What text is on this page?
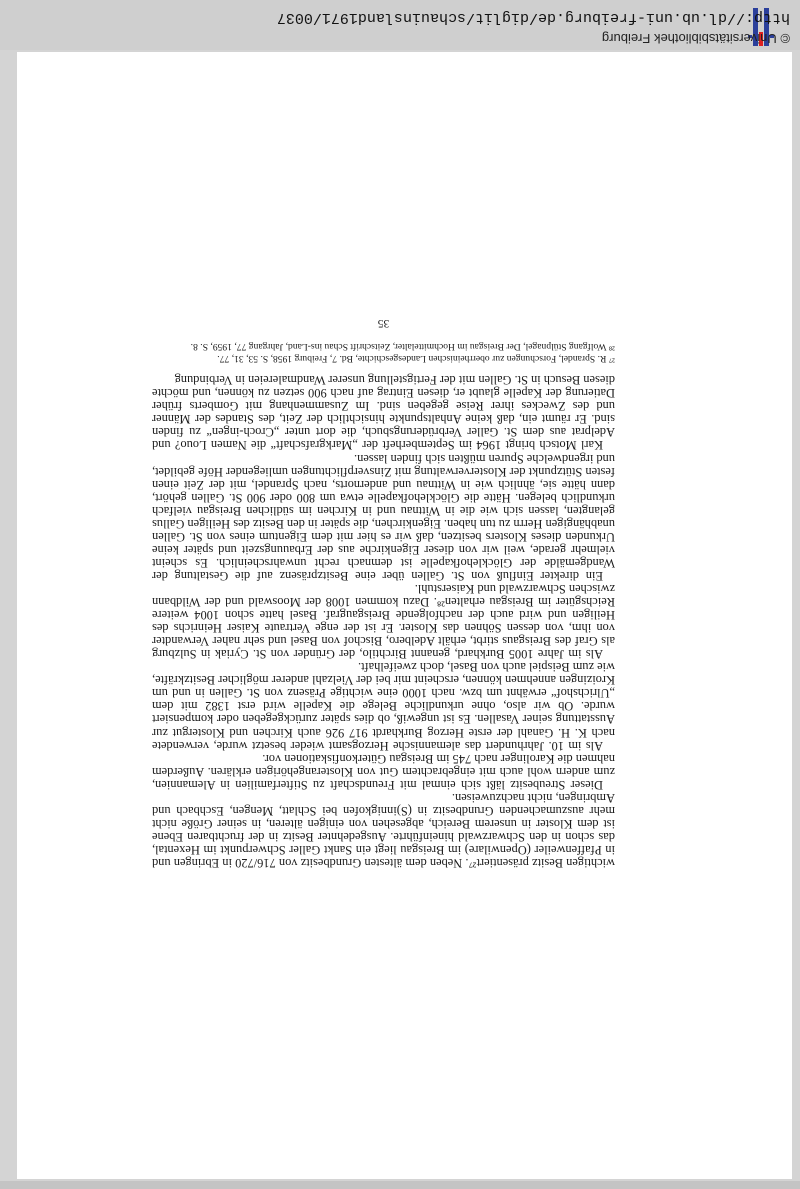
wichtigen Besitz präsentiert²⁷. Neben dem ältesten Grundbesitz von 716/720 in Ebringen und in Pfaffenweiler (Openwilare) im Breisgau liegt ein Sankt Galler Schwerpunkt im Hexental, das schon in den Schwarzwald hineinführte. Ausgedehnter Besitz in der fruchtbaren Ebene ist dem Kloster in unserem Bereich, abgesehen von einigen älteren, in seiner Größe nicht mehr auszumachenden Grundbesitz in (S)innigkofen bei Schlatt, Mengen, Eschbach und Ambringen, nicht nachzuweisen.

Dieser Streubesitz läßt sich einmal mit Freundschaft zu Stifterfamilien in Alemannien, zum andern wohl auch mit eingebrachtem Gut von Klosterangehörigen erklären. Außerdem nahmen die Karolinger nach 745 im Breisgau Güterkonfiskationen vor.

Als im 10. Jahrhundert das alemannische Herzogsamt wieder besetzt wurde, verwendete nach K. H. Ganahl der erste Herzog Burkhardt 917 926 auch Kirchen und Klostergut zur Ausstattung seiner Vasallen. Es ist ungewiß, ob dies später zurückgegeben oder kompensiert wurde. Ob wir also, ohne urkundliche Belege die Kapelle wird erst 1382 mit dem „Ulrichshof“ erwähnt um bzw. nach 1000 eine wichtige Präsenz von St. Gallen in und um Kroizingen annehmen können, erscheint mir bei der Vielzahl anderer möglicher Besitzkräfte, wie zum Beispiel auch von Basel, doch zweifelhaft.

Als im Jahre 1005 Burkhard, genannt Birchtilo, der Gründer von St. Cyriak in Sulzburg als Graf des Breisgaus stirbt, erhält Adelbero, Bischof von Basel und sehr naher Verwandter von ihm, von dessen Söhnen das Kloster. Er ist der enge Vertraute Kaiser Heinrichs des Heiligen und wird auch der nachfolgende Breisgaugraf. Basel hatte schon 1004 weitere Reichsgüter im Breisgau erhalten²⁸. Dazu kommen 1008 der Mooswald und der Wildbann zwischen Schwarzwald und Kaiserstuhl.

Ein direkter Einfluß von St. Gallen über eine Besitzpräsenz auf die Gestaltung der Wandgemälde der Glöcklehofkapelle ist demnach recht unwahrscheinlich. Es scheint vielmehr gerade, weil wir von dieser Eigenkirche aus der Erbauungszeit und später keine Urkunden dieses Klosters besitzen, daß wir es hier mit dem Eigentum eines von St. Gallen unabhängigen Herrn zu tun haben. Eigenkirchen, die später in den Besitz des Heiligen Gallus gelangten, lassen sich wie die in Wittnau und in Kirchen im südlichen Breisgau vielfach urkundlich belegen. Hätte die Glöcklehofkapelle etwa um 800 oder 900 St. Gallen gehört, dann hätte sie, ähnlich wie in Wittnau und andernorts, nach Sprandel, mit der Zeit einen festen Stützpunkt der Klosterverwaltung mit Zinsverpflichtungen umliegender Höfe gebildet, und irgendwelche Spuren müßten sich finden lassen.

Karl Motsch bringt 1964 im Septemberheft der „Markgrafschaft“ die Namen Louo? und Adelprat aus dem St. Galler Verbrüderungsbuch, die dort unter „Croch-ingen“ zu finden sind. Er räumt ein, daß keine Anhaltspunkte hinsichtlich der Zeit, des Standes der Männer und des Zweckes ihrer Reise gegeben sind. Im Zusammenhang mit Gomberts früher Datierung der Kapelle glaubt er, diesen Eintrag auf nach 900 setzen zu können, und möchte diesen Besuch in St. Gallen mit der Fertigstellung unserer Wandmalereien in Verbindung

²⁷ R. Sprandel, Forschungen zur oberrheinischen Landesgeschichte, Bd. 7, Freiburg 1958, S. 53, 31, 77.

²⁸ Wolfgang Stülpnagel, Der Breisgau im Hochmittelalter, Zeitschrift Schau ins-Land, Jahrgang 77, 1959, S. 8.

35
© Universitätsbibliothek Freiburg
http://dl.ub.uni-freiburg.de/diglit/schauinsland1971/0037
